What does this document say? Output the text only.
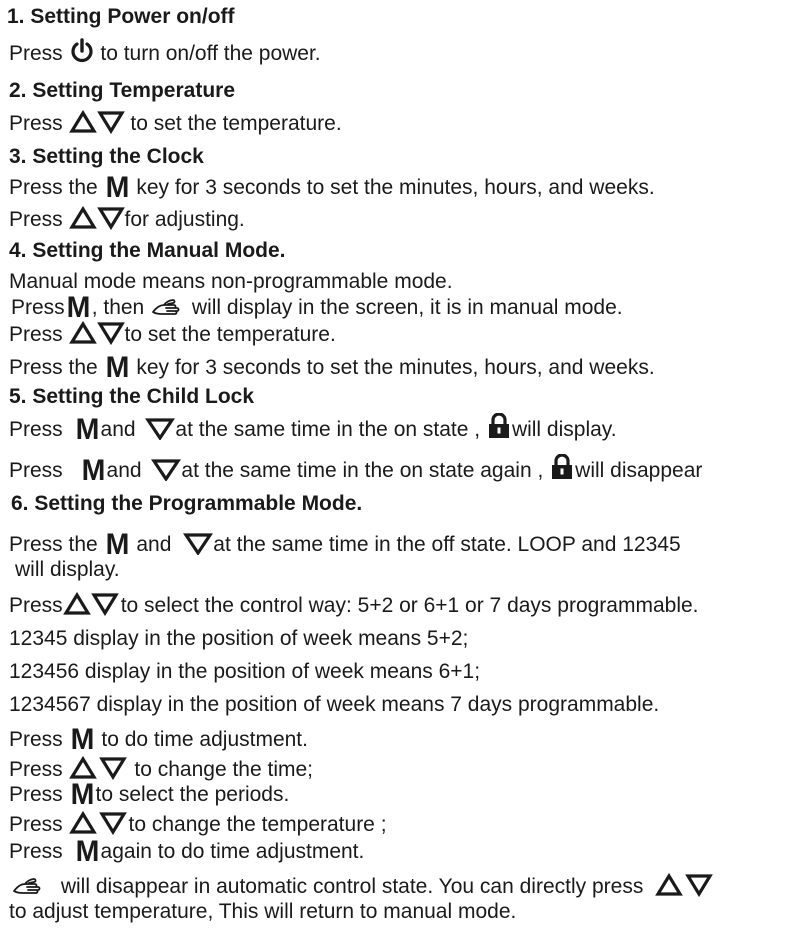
1. Setting Power on/off
Press  to turn on/off the power.
2. Setting Temperature
Press	to set the temperature.
3. Setting the Clock
Press the M key for 3 seconds to set the minutes, hours, and weeks.
Press	for adjusting.
4. Setting the Manual Mode.
Manual mode means non-programmable mode.
PressM, then  will display in the screen, it is in manual mode.
Press	to set the temperature.
Press the M key for 3 seconds to set the minutes, hours, and weeks.
5. Setting the Child Lock
Press Mand at the same time in the on state , will display.
Press Mand at the same time in the on state again , will disappear
6. Setting the Programmable Mode.
Press the M and at the same time in the off state. LOOP and 12345
will display.
Press	to select the control way: 5+2 or 6+1 or 7 days programmable.
12345 display in the position of week means 5+2;
123456 display in the position of week means 6+1;
1234567 display in the position of week means 7 days programmable.
Press M to do time adjustment.
Press	to change the time;
Press Mto select the periods.
Press	to change the temperature ;
Press Magain to do time adjustment.
will disappear in automatic control state. You can directly press
to adjust temperature, This will return to manual mode.
